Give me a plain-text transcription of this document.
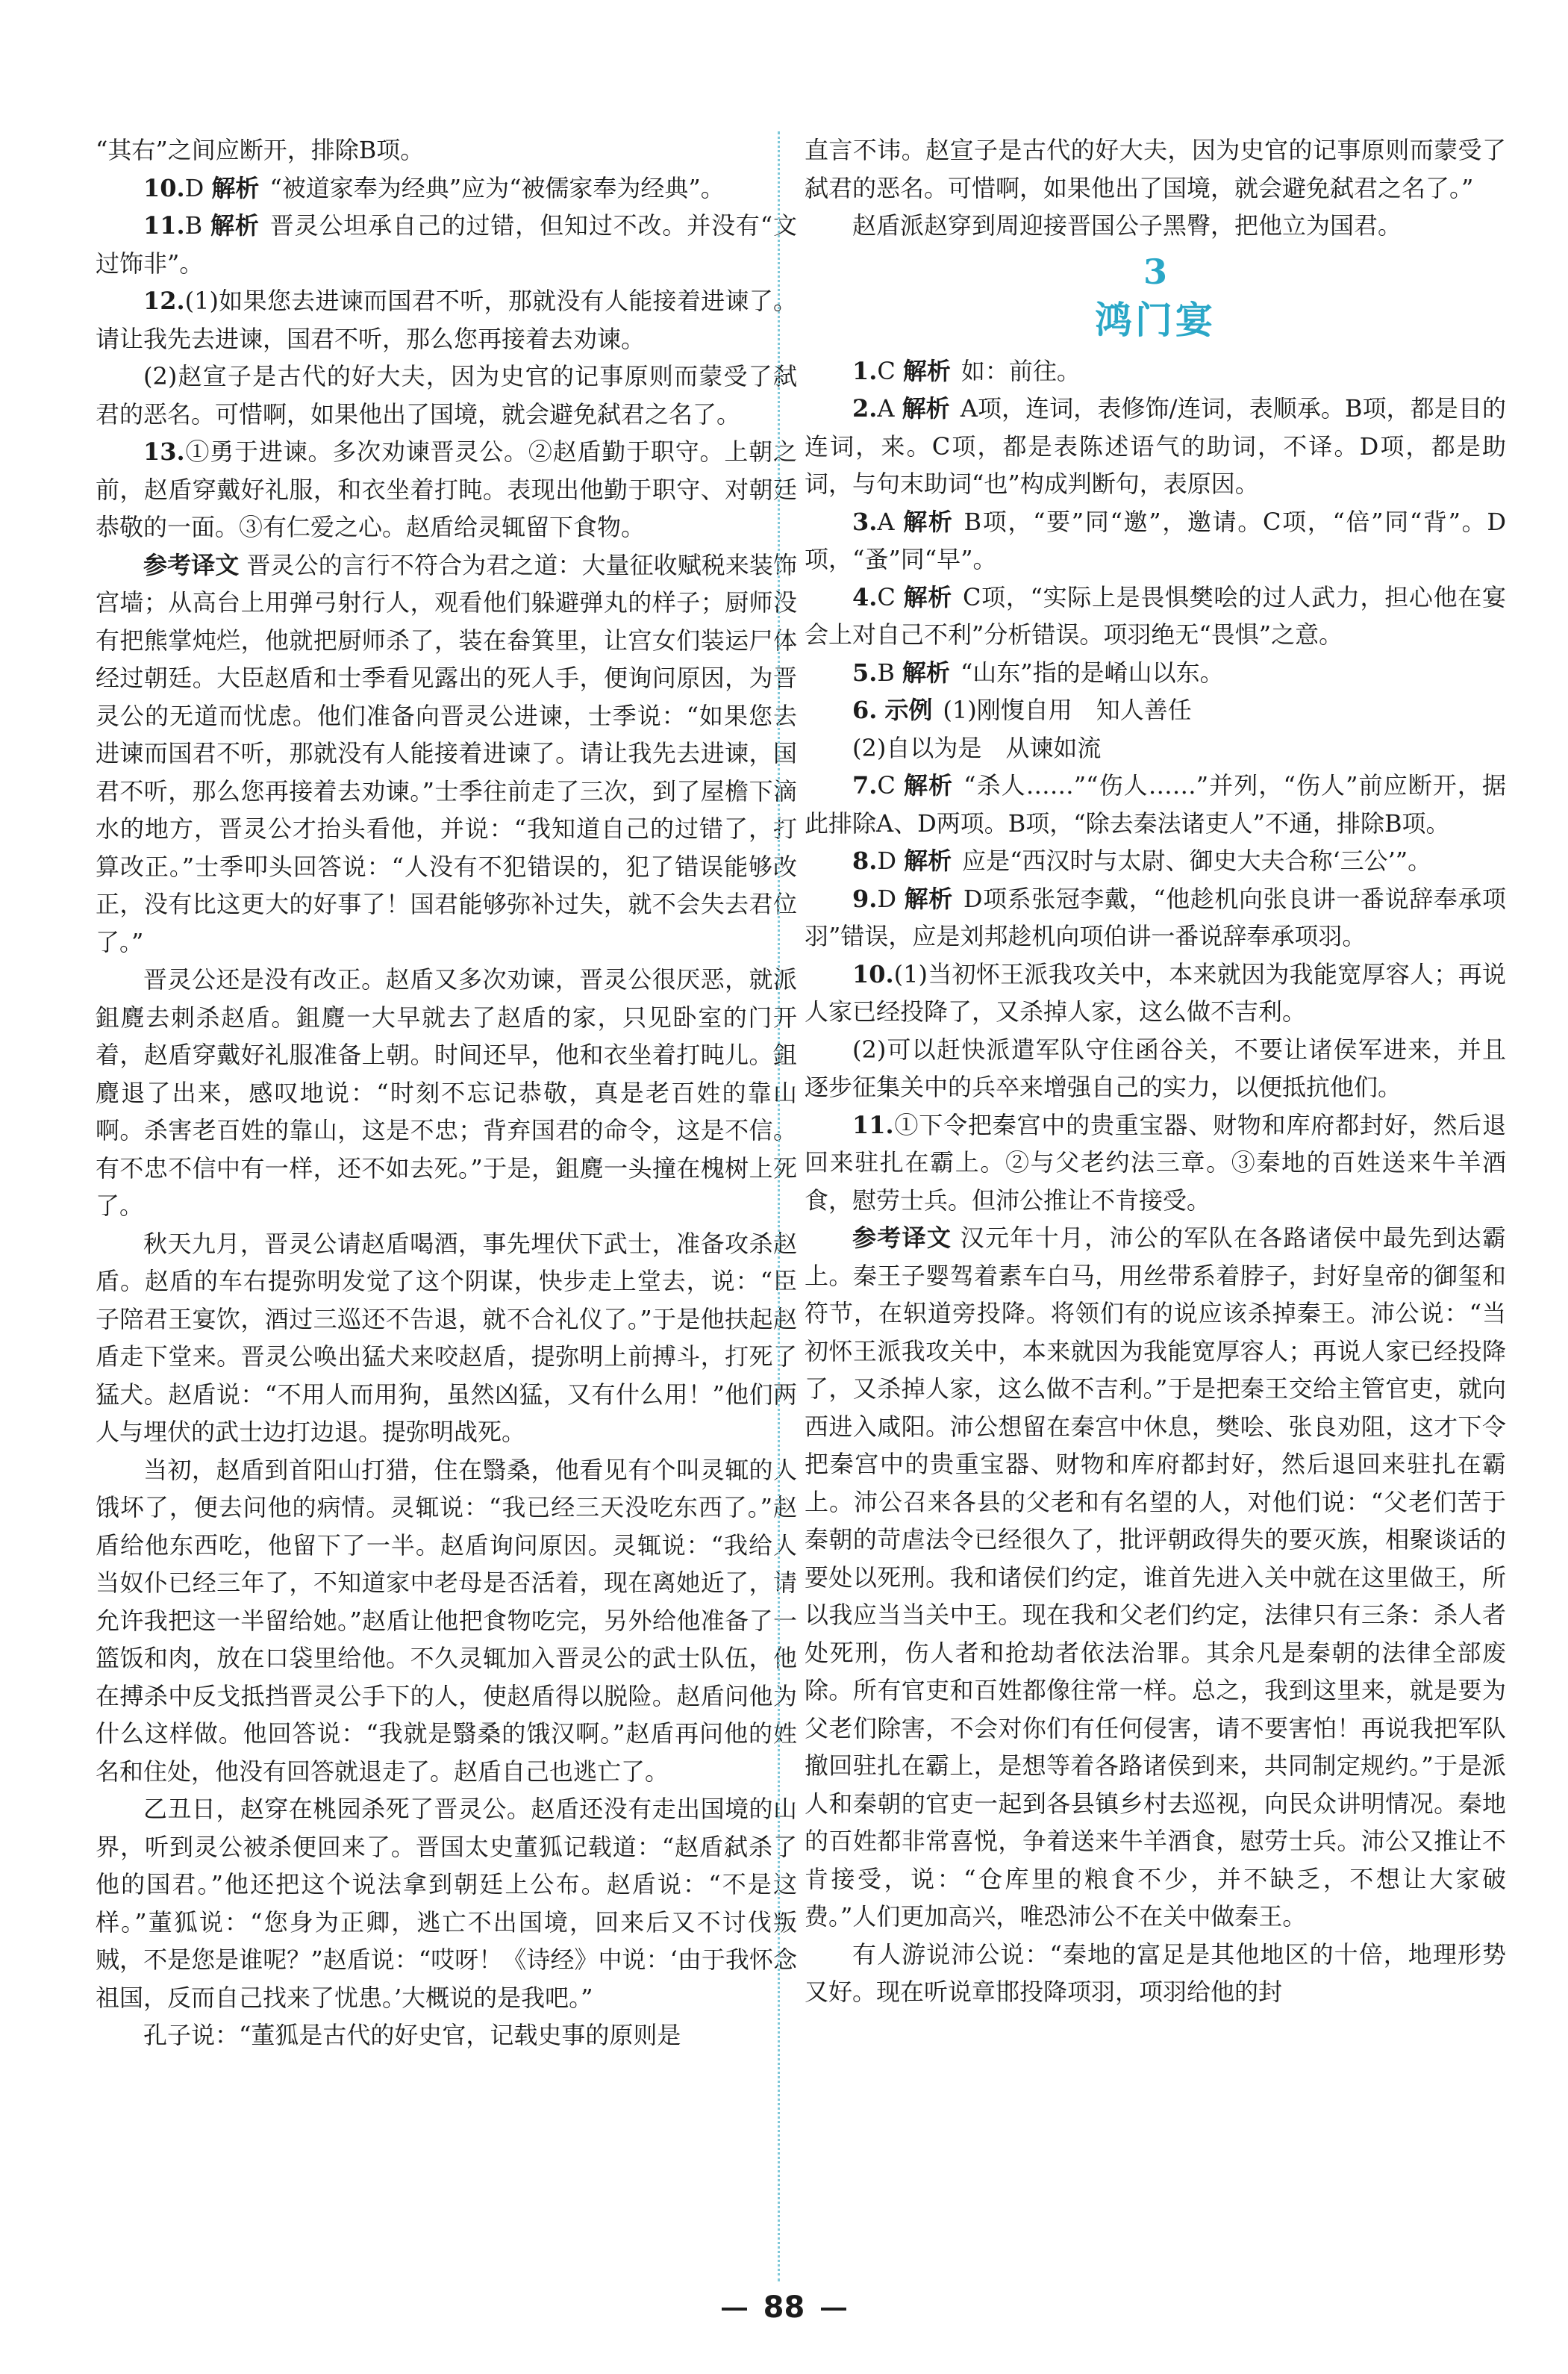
“其右”之间应断开，排除B项。

10.D 解析 “被道家奉为经典”应为“被儒家奉为经典”。

11.B 解析 晋灵公坦承自己的过错，但知过不改。并没有“文过饰非”。

12.(1)如果您去进谏而国君不听，那就没有人能接着进谏了。请让我先去进谏，国君不听，那么您再接着去劝谏。

(2)赵宣子是古代的好大夫，因为史官的记事原则而蒙受了弑君的恶名。可惜啊，如果他出了国境，就会避免弑君之名了。

13.①勇于进谏。多次劝谏晋灵公。②赵盾勤于职守。上朝之前，赵盾穿戴好礼服，和衣坐着打盹。表现出他勤于职守、对朝廷恭敬的一面。③有仁爱之心。赵盾给灵辄留下食物。

参考译文 晋灵公的言行不符合为君之道：大量征收赋税来装饰宫墙；从高台上用弹弓射行人，观看他们躲避弹丸的样子；厨师没有把熊掌炖烂，他就把厨师杀了，装在畚箕里，让宫女们装运尸体经过朝廷。大臣赵盾和士季看见露出的死人手，便询问原因，为晋灵公的无道而忧虑。他们准备向晋灵公进谏，士季说：“如果您去进谏而国君不听，那就没有人能接着进谏了。请让我先去进谏，国君不听，那么您再接着去劝谏。”士季往前走了三次，到了屋檐下滴水的地方，晋灵公才抬头看他，并说：“我知道自己的过错了，打算改正。”士季叩头回答说：“人没有不犯错误的，犯了错误能够改正，没有比这更大的好事了！国君能够弥补过失，就不会失去君位了。”

晋灵公还是没有改正。赵盾又多次劝谏，晋灵公很厌恶，就派鉏麑去刺杀赵盾。鉏麑一大早就去了赵盾的家，只见卧室的门开着，赵盾穿戴好礼服准备上朝。时间还早，他和衣坐着打盹儿。鉏麑退了出来，感叹地说：“时刻不忘记恭敬，真是老百姓的靠山啊。杀害老百姓的靠山，这是不忠；背弃国君的命令，这是不信。有不忠不信中有一样，还不如去死。”于是，鉏麑一头撞在槐树上死了。

秋天九月，晋灵公请赵盾喝酒，事先埋伏下武士，准备攻杀赵盾。赵盾的车右提弥明发觉了这个阴谋，快步走上堂去，说：“臣子陪君王宴饮，酒过三巡还不告退，就不合礼仪了。”于是他扶起赵盾走下堂来。晋灵公唤出猛犬来咬赵盾，提弥明上前搏斗，打死了猛犬。赵盾说：“不用人而用狗，虽然凶猛，又有什么用！”他们两人与埋伏的武士边打边退。提弥明战死。

当初，赵盾到首阳山打猎，住在翳桑，他看见有个叫灵辄的人饿坏了，便去问他的病情。灵辄说：“我已经三天没吃东西了。”赵盾给他东西吃，他留下了一半。赵盾询问原因。灵辄说：“我给人当奴仆已经三年了，不知道家中老母是否活着，现在离她近了，请允许我把这一半留给她。”赵盾让他把食物吃完，另外给他准备了一篮饭和肉，放在口袋里给他。不久灵辄加入晋灵公的武士队伍，他在搏杀中反戈抵挡晋灵公手下的人，使赵盾得以脱险。赵盾问他为什么这样做。他回答说：“我就是翳桑的饿汉啊。”赵盾再问他的姓名和住处，他没有回答就退走了。赵盾自己也逃亡了。

乙丑日，赵穿在桃园杀死了晋灵公。赵盾还没有走出国境的山界，听到灵公被杀便回来了。晋国太史董狐记载道：“赵盾弑杀了他的国君。”他还把这个说法拿到朝廷上公布。赵盾说：“不是这样。”董狐说：“您身为正卿，逃亡不出国境，回来后又不讨伐叛贼，不是您是谁呢？”赵盾说：“哎呀！《诗经》中说：‘由于我怀念祖国，反而自己找来了忧患。’大概说的是我吧。”

孔子说：“董狐是古代的好史官，记载史事的原则是

直言不讳。赵宣子是古代的好大夫，因为史官的记事原则而蒙受了弑君的恶名。可惜啊，如果他出了国境，就会避免弑君之名了。”

赵盾派赵穿到周迎接晋国公子黑臀，把他立为国君。

3
鸿门宴

1.C 解析 如：前往。

2.A 解析 A项，连词，表修饰/连词，表顺承。B项，都是目的连词，来。C项，都是表陈述语气的助词，不译。D项，都是助词，与句末助词“也”构成判断句，表原因。

3.A 解析 B项，“要”同“邀”，邀请。C项，“倍”同“背”。D项，“蚤”同“早”。

4.C 解析 C项，“实际上是畏惧樊哙的过人武力，担心他在宴会上对自己不利”分析错误。项羽绝无“畏惧”之意。

5.B 解析 “山东”指的是崤山以东。

6. 示例 (1)刚愎自用　知人善任

(2)自以为是　从谏如流

7.C 解析 “杀人……”“伤人……”并列，“伤人”前应断开，据此排除A、D两项。B项，“除去秦法诸吏人”不通，排除B项。

8.D 解析 应是“西汉时与太尉、御史大夫合称‘三公’”。

9.D 解析 D项系张冠李戴，“他趁机向张良讲一番说辞奉承项羽”错误，应是刘邦趁机向项伯讲一番说辞奉承项羽。

10.(1)当初怀王派我攻关中，本来就因为我能宽厚容人；再说人家已经投降了，又杀掉人家，这么做不吉利。

(2)可以赶快派遣军队守住函谷关，不要让诸侯军进来，并且逐步征集关中的兵卒来增强自己的实力，以便抵抗他们。

11.①下令把秦宫中的贵重宝器、财物和库府都封好，然后退回来驻扎在霸上。②与父老约法三章。③秦地的百姓送来牛羊酒食，慰劳士兵。但沛公推让不肯接受。

参考译文 汉元年十月，沛公的军队在各路诸侯中最先到达霸上。秦王子婴驾着素车白马，用丝带系着脖子，封好皇帝的御玺和符节，在轵道旁投降。将领们有的说应该杀掉秦王。沛公说：“当初怀王派我攻关中，本来就因为我能宽厚容人；再说人家已经投降了，又杀掉人家，这么做不吉利。”于是把秦王交给主管官吏，就向西进入咸阳。沛公想留在秦宫中休息，樊哙、张良劝阻，这才下令把秦宫中的贵重宝器、财物和库府都封好，然后退回来驻扎在霸上。沛公召来各县的父老和有名望的人，对他们说：“父老们苦于秦朝的苛虐法令已经很久了，批评朝政得失的要灭族，相聚谈话的要处以死刑。我和诸侯们约定，谁首先进入关中就在这里做王，所以我应当当关中王。现在我和父老们约定，法律只有三条：杀人者处死刑，伤人者和抢劫者依法治罪。其余凡是秦朝的法律全部废除。所有官吏和百姓都像往常一样。总之，我到这里来，就是要为父老们除害，不会对你们有任何侵害，请不要害怕！再说我把军队撤回驻扎在霸上，是想等着各路诸侯到来，共同制定规约。”于是派人和秦朝的官吏一起到各县镇乡村去巡视，向民众讲明情况。秦地的百姓都非常喜悦，争着送来牛羊酒食，慰劳士兵。沛公又推让不肯接受，说：“仓库里的粮食不少，并不缺乏，不想让大家破费。”人们更加高兴，唯恐沛公不在关中做秦王。

有人游说沛公说：“秦地的富足是其他地区的十倍，地理形势又好。现在听说章邯投降项羽，项羽给他的封

88
